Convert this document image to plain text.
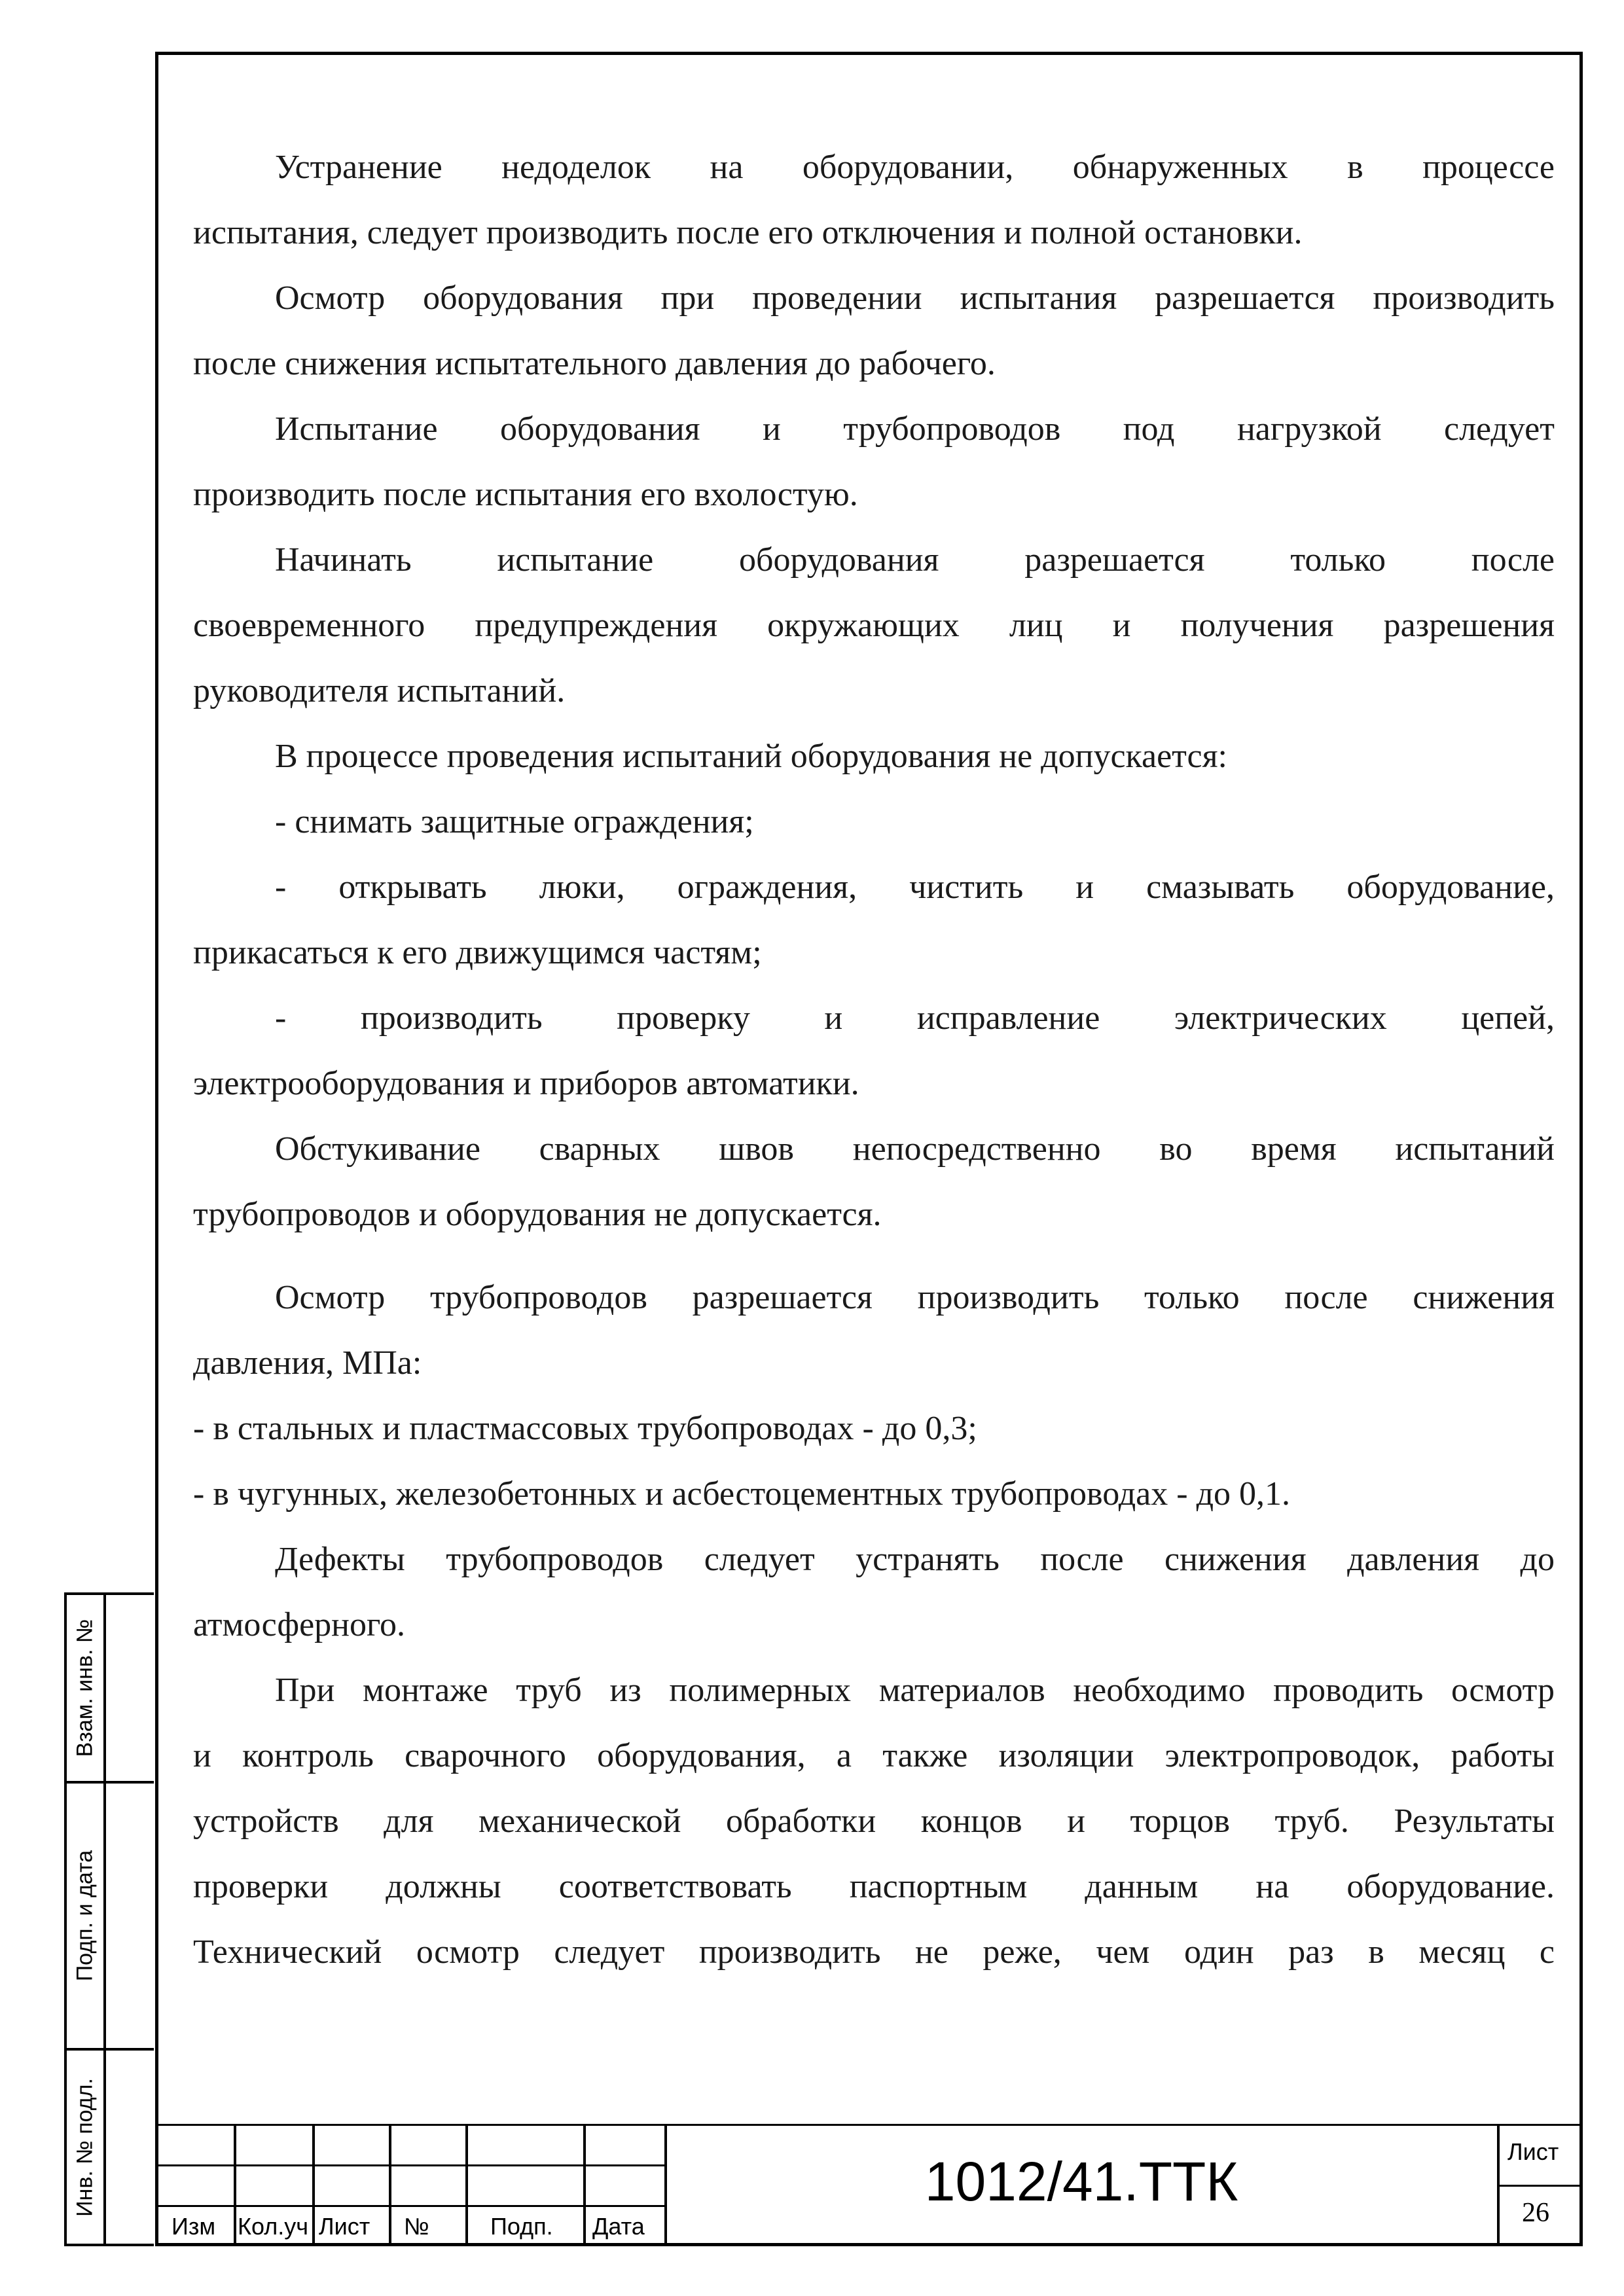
Устранение недоделок на оборудовании, обнаруженных в процессе
испытания, следует производить после его отключения и полной остановки.
Осмотр оборудования при проведении испытания разрешается производить
после снижения испытательного давления до рабочего.
Испытание оборудования и трубопроводов под нагрузкой следует
производить после испытания его вхолостую.
Начинать испытание оборудования разрешается только после
своевременного предупреждения окружающих лиц и получения разрешения
руководителя испытаний.
В процессе проведения испытаний оборудования не допускается:
- снимать защитные ограждения;
- открывать люки, ограждения, чистить и смазывать оборудование,
прикасаться к его движущимся частям;
- производить проверку и исправление электрических цепей,
электрооборудования и приборов автоматики.
Обстукивание сварных швов непосредственно во время испытаний
трубопроводов и оборудования не допускается.
Осмотр трубопроводов разрешается производить только после снижения
давления, МПа:
- в стальных и пластмассовых трубопроводах - до 0,3;
- в чугунных, железобетонных и асбестоцементных трубопроводах - до 0,1.
Дефекты трубопроводов следует устранять после снижения давления до
атмосферного.
При монтаже труб из полимерных материалов необходимо проводить осмотр
и контроль сварочного оборудования, а также изоляции электропроводок, работы
устройств для механической обработки концов и торцов труб. Результаты
проверки должны соответствовать паспортным данным на оборудование.
Технический осмотр следует производить не реже, чем один раз в месяц с
Взам. инв. №
Подп. и дата
Инв. № подл.
Изм Кол.уч Лист №	Подп. Дата
1012/41.ТТК	Лист
26
